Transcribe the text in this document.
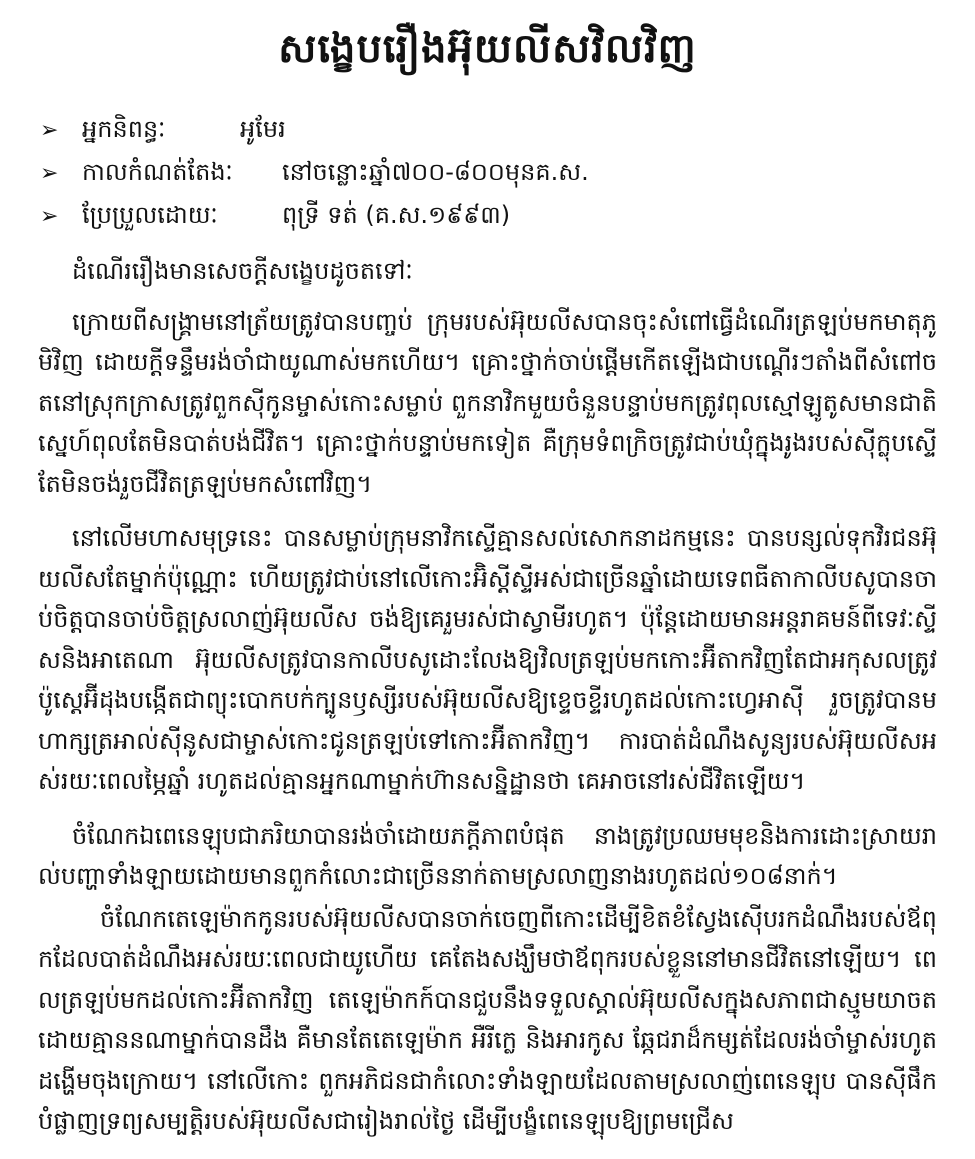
សង្ខេបរឿងអ៊ុយលីសវិលវិញ
➢ អ្នកនិពន្ធៈ	អូមែរ
➢ កាលកំណត់តែងៈ	នៅចន្លោះឆ្នាំ៧០០-៨០០មុនគ.ស.
➢ ប្រែប្រួលដោយៈ	ពុទ្រី ទត់ (គ.ស.១៩៩៣)

ដំណើររឿងមានសេចក្តីសង្ខេបដូចតទៅៈ

ក្រោយពីសង្គ្រាមនៅត្រ័យត្រូវបានបញ្ចប់ ក្រុមរបស់អ៊ុយលីសបានចុះសំពៅធ្វើដំណើរត្រឡប់មកមាតុភូមិវិញ ដោយក្តីទន្ទឹមរង់ចាំជាយូណាស់មកហើយ។ គ្រោះថ្នាក់ចាប់ផ្តើមកើតឡើងជាបណ្តើរៗតាំងពីសំពៅចតនៅស្រុកក្រាសត្រូវពួកស៊ីកូនម្ចាស់កោះសម្លាប់ ពួកនាវិកមួយចំនួនបន្ទាប់មកត្រូវពុលស្មៅឡូតូសមានជាតិស្នេហ៍ពុលតែមិនបាត់បង់ជីវិត។ គ្រោះថ្នាក់បន្ទាប់មកទៀត គឺក្រុមទំពក្រិចត្រូវជាប់ឃុំក្នុងរូងរបស់ស៊ីក្លុបស្ទើតែមិនចង់រួចជីវិតត្រឡប់មកសំពៅវិញ។

នៅលើមហាសមុទ្រនេះ បានសម្លាប់ក្រុមនាវិកស្ទើគ្មានសល់សោកនាដកម្មនេះ បានបន្សល់ទុកវិរជនអ៊ុយលីសតែម្នាក់ប៉ុណ្ណោះ ហើយត្រូវជាប់នៅលើកោះអ៊ិស្តីស្ទីអស់ជាច្រើនឆ្នាំដោយទេពធីតាកាលីបសូបានចាប់ចិត្តបានចាប់ចិត្តស្រលាញ់អ៊ុយលីស ចង់ឱ្យគេរួមរស់ជាស្វាមីរហូត។ ប៉ុន្តែដោយមានអន្តរាគមន៍ពីទេវៈស្ទីសនិងអាតេណា អ៊ុយលីសត្រូវបានកាលីបសូដោះលែងឱ្យវិលត្រឡប់មកកោះអ៊ីតាកវិញតែជាអកុសលត្រូវប៉ូស្ដេអ៊ីដុងបង្កើតជាព្យុះបោកបក់ក្បូនឫស្សីរបស់អ៊ុយលីសឱ្យខ្ទេចខ្ទីរហូតដល់កោះហ្វេអាស៊ី រួចត្រូវបានមហាក្សត្រអាល់ស៊ីនូសជាម្ចាស់កោះជូនត្រឡប់ទៅកោះអ៊ីតាកវិញ។ ការបាត់ដំណឹងសូន្យរបស់អ៊ុយលីសអស់រយៈពេលម្ភៃឆ្នាំ រហូតដល់គ្មានអ្នកណាម្នាក់ហ៊ានសន្និដ្ឋានថា គេអាចនៅរស់ជីវិតឡើយ។

ចំណែកឯពេនេឡុបជាភរិយាបានរង់ចាំដោយភក្តីភាពបំផុត នាងត្រូវប្រឈមមុខនិងការដោះស្រាយរាល់បញ្ហាទាំងឡាយដោយមានពួកកំលោះជាច្រើននាក់តាមស្រលាញនាងរហូតដល់១០៨នាក់។

ចំណែកតេឡេម៉ាកកូនរបស់អ៊ុយលីសបានចាក់ចេញពីកោះដើម្បីខិតខំស្វែងស៊ើបរកដំណឹងរបស់ឪពុកដែលបាត់ដំណឹងអស់រយៈពេលជាយូហើយ គេតែងសង្ឃឹមថាឪពុករបស់ខ្លួននៅមានជីវិតនៅឡើយ។ ពេលត្រឡប់មកដល់កោះអ៊ីតាកវិញ តេឡេម៉ាកក៍បានជួបនឹងទទួលស្គាល់អ៊ុយលីសក្នុងសភាពជាស្មូមយាចត ដោយគ្មាននណាម្នាក់បានដឹង គឺមានតែតេឡេម៉ាក អឺរីក្លេ និងអារកូស ឆ្កែជរាដ៏កម្សត់ដែលរង់ចាំម្ចាស់រហូតដង្ហើមចុងក្រោយ។ នៅលើកោះ ពួកអភិជនជាកំលោះទាំងឡាយដែលតាមស្រលាញ់ពេនេឡុប បានស៊ីផឹកបំផ្លាញទ្រព្យសម្បត្តិរបស់អ៊ុយលីសជារៀងរាល់ថ្ងៃ ដើម្បីបង្ខំពេនេឡុបឱ្យព្រមជ្រើស
